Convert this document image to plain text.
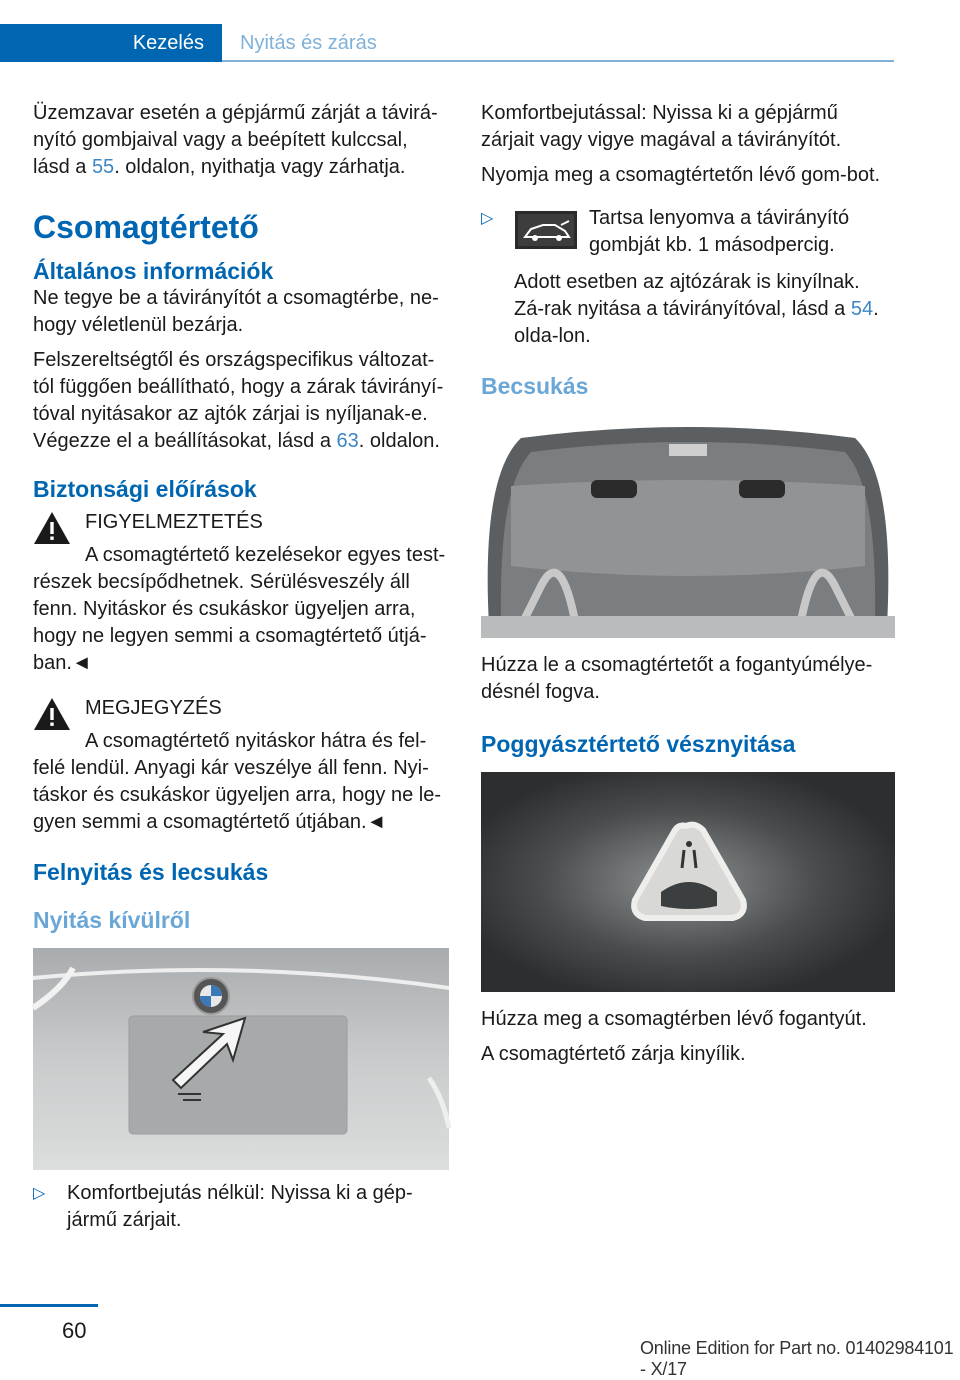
Kezelés	Nyitás és zárás

Üzemzavar esetén a gépjármű zárját a távirá-nyító gombjaival vagy a beépített kulccsal, lásd a 55. oldalon, nyithatja vagy zárhatja.

Csomagtértető
Általános információk

Ne tegye be a távirányítót a csomagtérbe, ne-hogy véletlenül bezárja.

Felszereltségtől és országspecifikus változat-tól függően beállítható, hogy a zárak távirányí-tóval nyitásakor az ajtók zárjai is nyíljanak-e. Végezze el a beállításokat, lásd a 63. oldalon.

Biztonsági előírások

FIGYELMEZTETÉS

A csomagtértető kezelésekor egyes test-részek becsípődhetnek. Sérülésveszély áll fenn. Nyitáskor és csukáskor ügyeljen arra, hogy ne legyen semmi a csomagtértető útjá-ban.◄

MEGJEGYZÉS

A csomagtértető nyitáskor hátra és fel-felé lendül. Anyagi kár veszélye áll fenn. Nyi-táskor és csukáskor ügyeljen arra, hogy ne le-gyen semmi a csomagtértető útjában.◄

Felnyitás és lecsukás
Nyitás kívülről
▷ Komfortbejutás nélkül: Nyissa ki a gép-jármű zárjait.

Komfortbejutással: Nyissa ki a gépjármű zárjait vagy vigye magával a távirányítót.

Nyomja meg a csomagtértetőn lévő gom-bot.

▷	Tartsa lenyomva a távirányító gombját kb. 1 másodpercig.

Adott esetben az ajtózárak is kinyílnak. Zá-rak nyitása a távirányítóval, lásd a 54. olda-lon.

Becsukás

Húzza le a csomagtértetőt a fogantyúmélye-désnél fogva.

Poggyásztértető vésznyitása

Húzza meg a csomagtérben lévő fogantyút.

A csomagtértető zárja kinyílik.

60
Online Edition for Part no. 01402984101 - X/17
